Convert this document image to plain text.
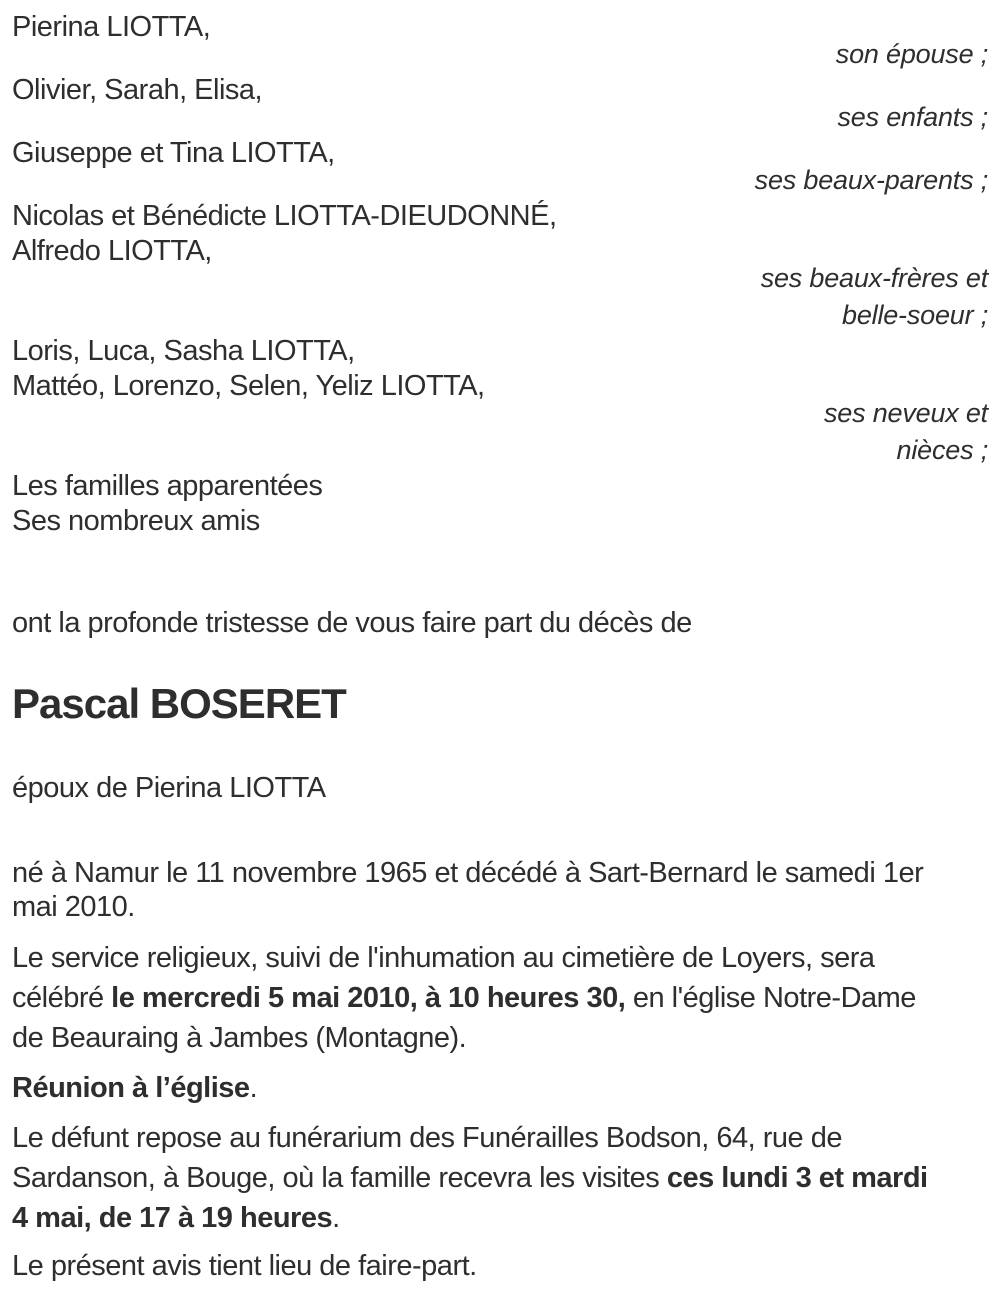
Pierina LIOTTA,
son épouse ;
Olivier, Sarah, Elisa,
ses enfants ;
Giuseppe et Tina LIOTTA,
ses beaux-parents ;
Nicolas et Bénédicte LIOTTA-DIEUDONNÉ,
Alfredo LIOTTA,
ses beaux-frères et
belle-soeur ;
Loris, Luca, Sasha LIOTTA,
Mattéo, Lorenzo, Selen, Yeliz LIOTTA,
ses neveux et
nièces ;
Les familles apparentées
Ses nombreux amis
ont la profonde tristesse de vous faire part du décès de
Pascal BOSERET
époux de Pierina LIOTTA
né à Namur le 11 novembre 1965 et décédé à Sart-Bernard le samedi 1er
mai 2010.
Le service religieux, suivi de l'inhumation au cimetière de Loyers, sera
célébré le mercredi 5 mai 2010, à 10 heures 30, en l'église Notre-Dame
de Beauraing à Jambes (Montagne).
Réunion à l’église.
Le défunt repose au funérarium des Funérailles Bodson, 64, rue de
Sardanson, à Bouge, où la famille recevra les visites ces lundi 3 et mardi
4 mai, de 17 à 19 heures.
Le présent avis tient lieu de faire-part.
